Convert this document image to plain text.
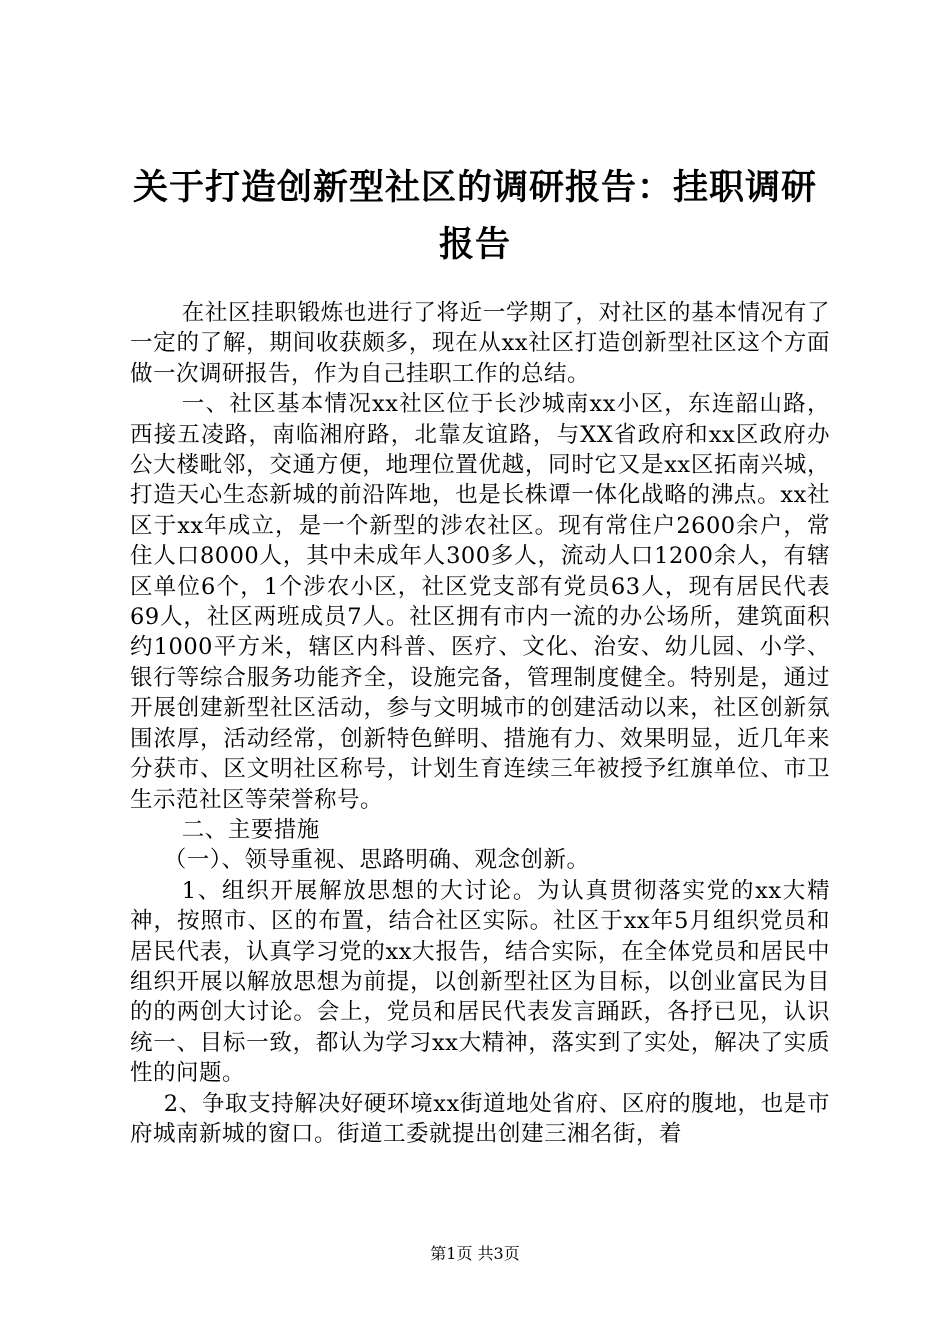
关于打造创新型社区的调研报告：挂职调研报告

在社区挂职锻炼也进行了将近一学期了，对社区的基本情况有了一定的了解，期间收获颇多，现在从xx社区打造创新型社区这个方面做一次调研报告，作为自己挂职工作的总结。

一、社区基本情况xx社区位于长沙城南xx小区，东连韶山路，西接五凌路，南临湘府路，北靠友谊路，与XX省政府和xx区政府办公大楼毗邻，交通方便，地理位置优越，同时它又是xx区拓南兴城，打造天心生态新城的前沿阵地，也是长株谭一体化战略的沸点。xx社区于xx年成立，是一个新型的涉农社区。现有常住户2600余户，常住人口8000人，其中未成年人300多人，流动人口1200余人，有辖区单位6个，1个涉农小区，社区党支部有党员63人，现有居民代表69人，社区两班成员7人。社区拥有市内一流的办公场所，建筑面积约1000平方米，辖区内科普、医疗、文化、治安、幼儿园、小学、银行等综合服务功能齐全，设施完备，管理制度健全。特别是，通过开展创建新型社区活动，参与文明城市的创建活动以来，社区创新氛围浓厚，活动经常，创新特色鲜明、措施有力、效果明显，近几年来分获市、区文明社区称号，计划生育连续三年被授予红旗单位、市卫生示范社区等荣誉称号。

二、主要措施

（一）、领导重视、思路明确、观念创新。

1、组织开展解放思想的大讨论。为认真贯彻落实党的xx大精神，按照市、区的布置，结合社区实际。社区于xx年5月组织党员和居民代表，认真学习党的xx大报告，结合实际，在全体党员和居民中组织开展以解放思想为前提，以创新型社区为目标，以创业富民为目的的两创大讨论。会上，党员和居民代表发言踊跃，各抒已见，认识统一、目标一致，都认为学习xx大精神，落实到了实处，解决了实质性的问题。

2、争取支持解决好硬环境xx街道地处省府、区府的腹地，也是市府城南新城的窗口。街道工委就提出创建三湘名街，着

第1页 共3页
